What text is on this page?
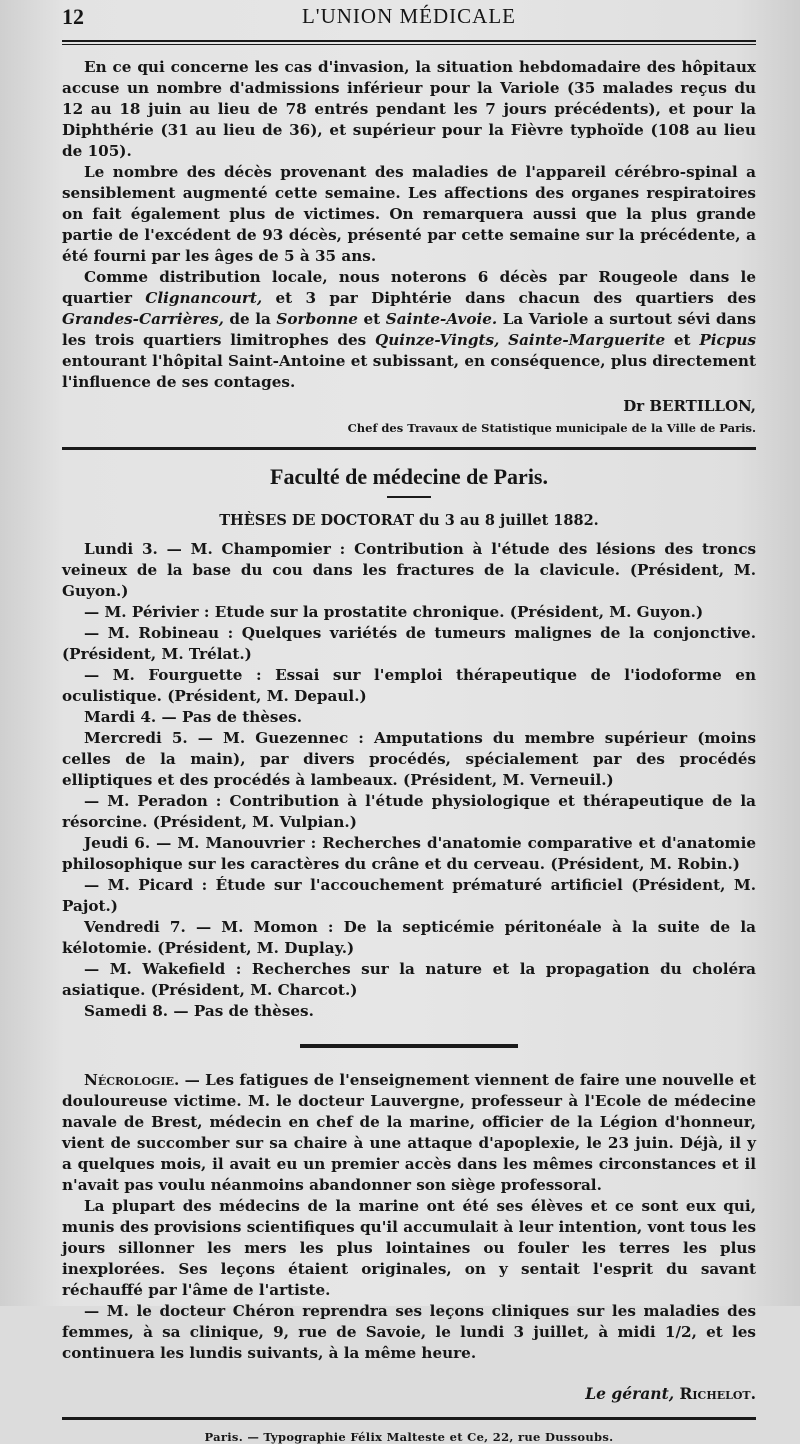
12	L'UNION MÉDICALE

En ce qui concerne les cas d'invasion, la situation hebdomadaire des hôpitaux accuse un nombre d'admissions inférieur pour la Variole (35 malades reçus du 12 au 18 juin au lieu de 78 entrés pendant les 7 jours précédents), et pour la Diphthérie (31 au lieu de 36), et supérieur pour la Fièvre typhoïde (108 au lieu de 105).

Le nombre des décès provenant des maladies de l'appareil cérébro-spinal a sensiblement augmenté cette semaine. Les affections des organes respiratoires on fait également plus de victimes. On remarquera aussi que la plus grande partie de l'excédent de 93 décès, présenté par cette semaine sur la précédente, a été fourni par les âges de 5 à 35 ans.

Comme distribution locale, nous noterons 6 décès par Rougeole dans le quartier Clignancourt, et 3 par Diphtérie dans chacun des quartiers des Grandes-Carrières, de la Sorbonne et Sainte-Avoie. La Variole a surtout sévi dans les trois quartiers limitrophes des Quinze-Vingts, Sainte-Marguerite et Picpus entourant l'hôpital Saint-Antoine et subissant, en conséquence, plus directement l'influence de ses contages.

Dr BERTILLON,
Chef des Travaux de Statistique municipale de la Ville de Paris.
Faculté de médecine de Paris.
THÈSES DE DOCTORAT du 3 au 8 juillet 1882.

Lundi 3. — M. Champomier : Contribution à l'étude des lésions des troncs veineux de la base du cou dans les fractures de la clavicule. (Président, M. Guyon.)

— M. Périvier : Etude sur la prostatite chronique. (Président, M. Guyon.)

— M. Robineau : Quelques variétés de tumeurs malignes de la conjonctive. (Président, M. Trélat.)

— M. Fourguette : Essai sur l'emploi thérapeutique de l'iodoforme en oculistique. (Président, M. Depaul.)

Mardi 4. — Pas de thèses.

Mercredi 5. — M. Guezennec : Amputations du membre supérieur (moins celles de la main), par divers procédés, spécialement par des procédés elliptiques et des procédés à lambeaux. (Président, M. Verneuil.)

— M. Peradon : Contribution à l'étude physiologique et thérapeutique de la résorcine. (Président, M. Vulpian.)

Jeudi 6. — M. Manouvrier : Recherches d'anatomie comparative et d'anatomie philosophique sur les caractères du crâne et du cerveau. (Président, M. Robin.)

— M. Picard : Étude sur l'accouchement prématuré artificiel (Président, M. Pajot.)

Vendredi 7. — M. Momon : De la septicémie péritonéale à la suite de la kélotomie. (Président, M. Duplay.)

— M. Wakefield : Recherches sur la nature et la propagation du choléra asiatique. (Président, M. Charcot.)

Samedi 8. — Pas de thèses.

Nécrologie. — Les fatigues de l'enseignement viennent de faire une nouvelle et douloureuse victime. M. le docteur Lauvergne, professeur à l'Ecole de médecine navale de Brest, médecin en chef de la marine, officier de la Légion d'honneur, vient de succomber sur sa chaire à une attaque d'apoplexie, le 23 juin. Déjà, il y a quelques mois, il avait eu un premier accès dans les mêmes circonstances et il n'avait pas voulu néanmoins abandonner son siège professoral.

La plupart des médecins de la marine ont été ses élèves et ce sont eux qui, munis des provisions scientifiques qu'il accumulait à leur intention, vont tous les jours sillonner les mers les plus lointaines ou fouler les terres les plus inexplorées. Ses leçons étaient originales, on y sentait l'esprit du savant réchauffé par l'âme de l'artiste.

— M. le docteur Chéron reprendra ses leçons cliniques sur les maladies des femmes, à sa clinique, 9, rue de Savoie, le lundi 3 juillet, à midi 1/2, et les continuera les lundis suivants, à la même heure.

Le gérant, Richelot.
Paris. — Typographie Félix Malteste et Ce, 22, rue Dussoubs.
